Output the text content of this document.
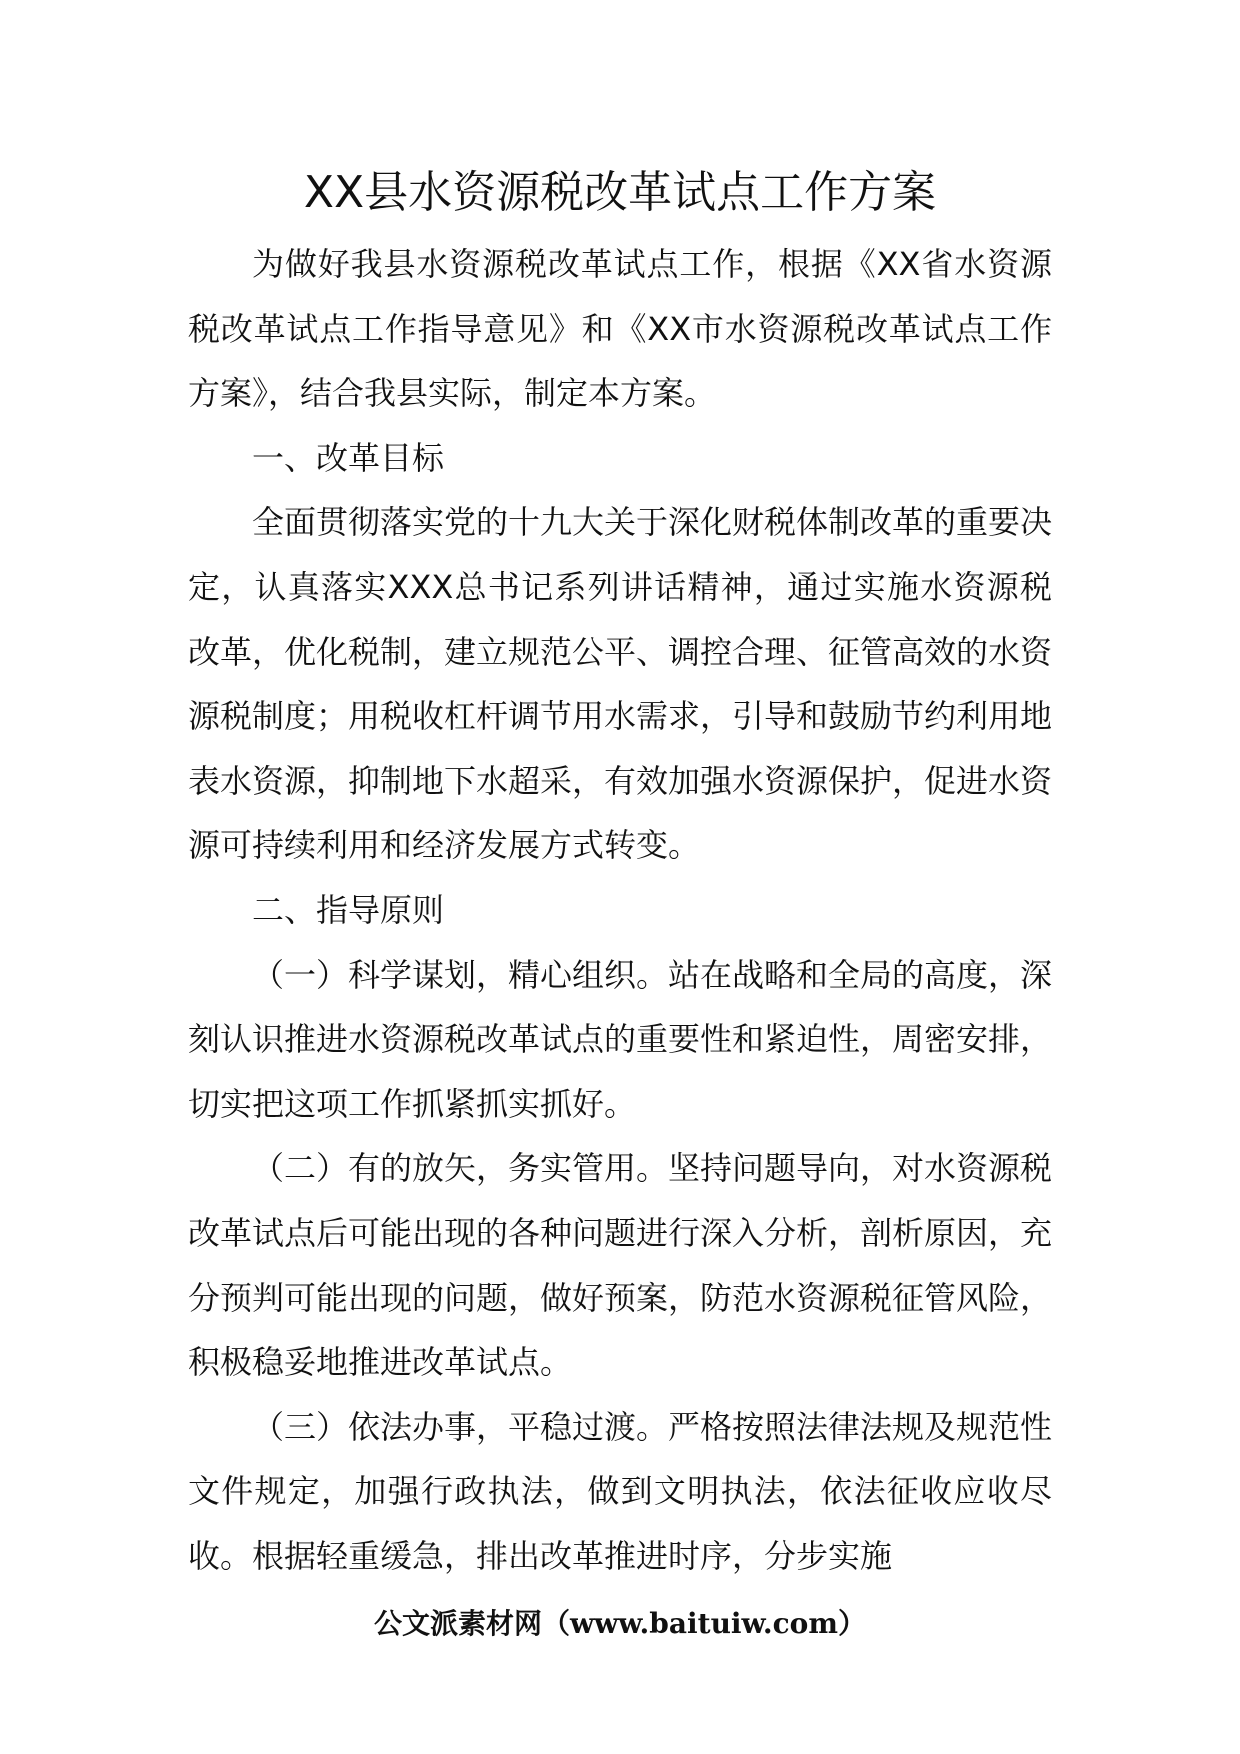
XX县水资源税改革试点工作方案

为做好我县水资源税改革试点工作，根据《XX省水资源税改革试点工作指导意见》和《XX市水资源税改革试点工作方案》，结合我县实际，制定本方案。

一、改革目标

全面贯彻落实党的十九大关于深化财税体制改革的重要决定，认真落实XXX总书记系列讲话精神，通过实施水资源税改革，优化税制，建立规范公平、调控合理、征管高效的水资源税制度；用税收杠杆调节用水需求，引导和鼓励节约利用地表水资源，抑制地下水超采，有效加强水资源保护，促进水资源可持续利用和经济发展方式转变。

二、指导原则

（一）科学谋划，精心组织。站在战略和全局的高度，深刻认识推进水资源税改革试点的重要性和紧迫性，周密安排，切实把这项工作抓紧抓实抓好。

（二）有的放矢，务实管用。坚持问题导向，对水资源税改革试点后可能出现的各种问题进行深入分析，剖析原因，充分预判可能出现的问题，做好预案，防范水资源税征管风险，积极稳妥地推进改革试点。

（三）依法办事，平稳过渡。严格按照法律法规及规范性文件规定，加强行政执法，做到文明执法，依法征收应收尽收。根据轻重缓急，排出改革推进时序，分步实施

公文派素材网（www.baituiw.com）
